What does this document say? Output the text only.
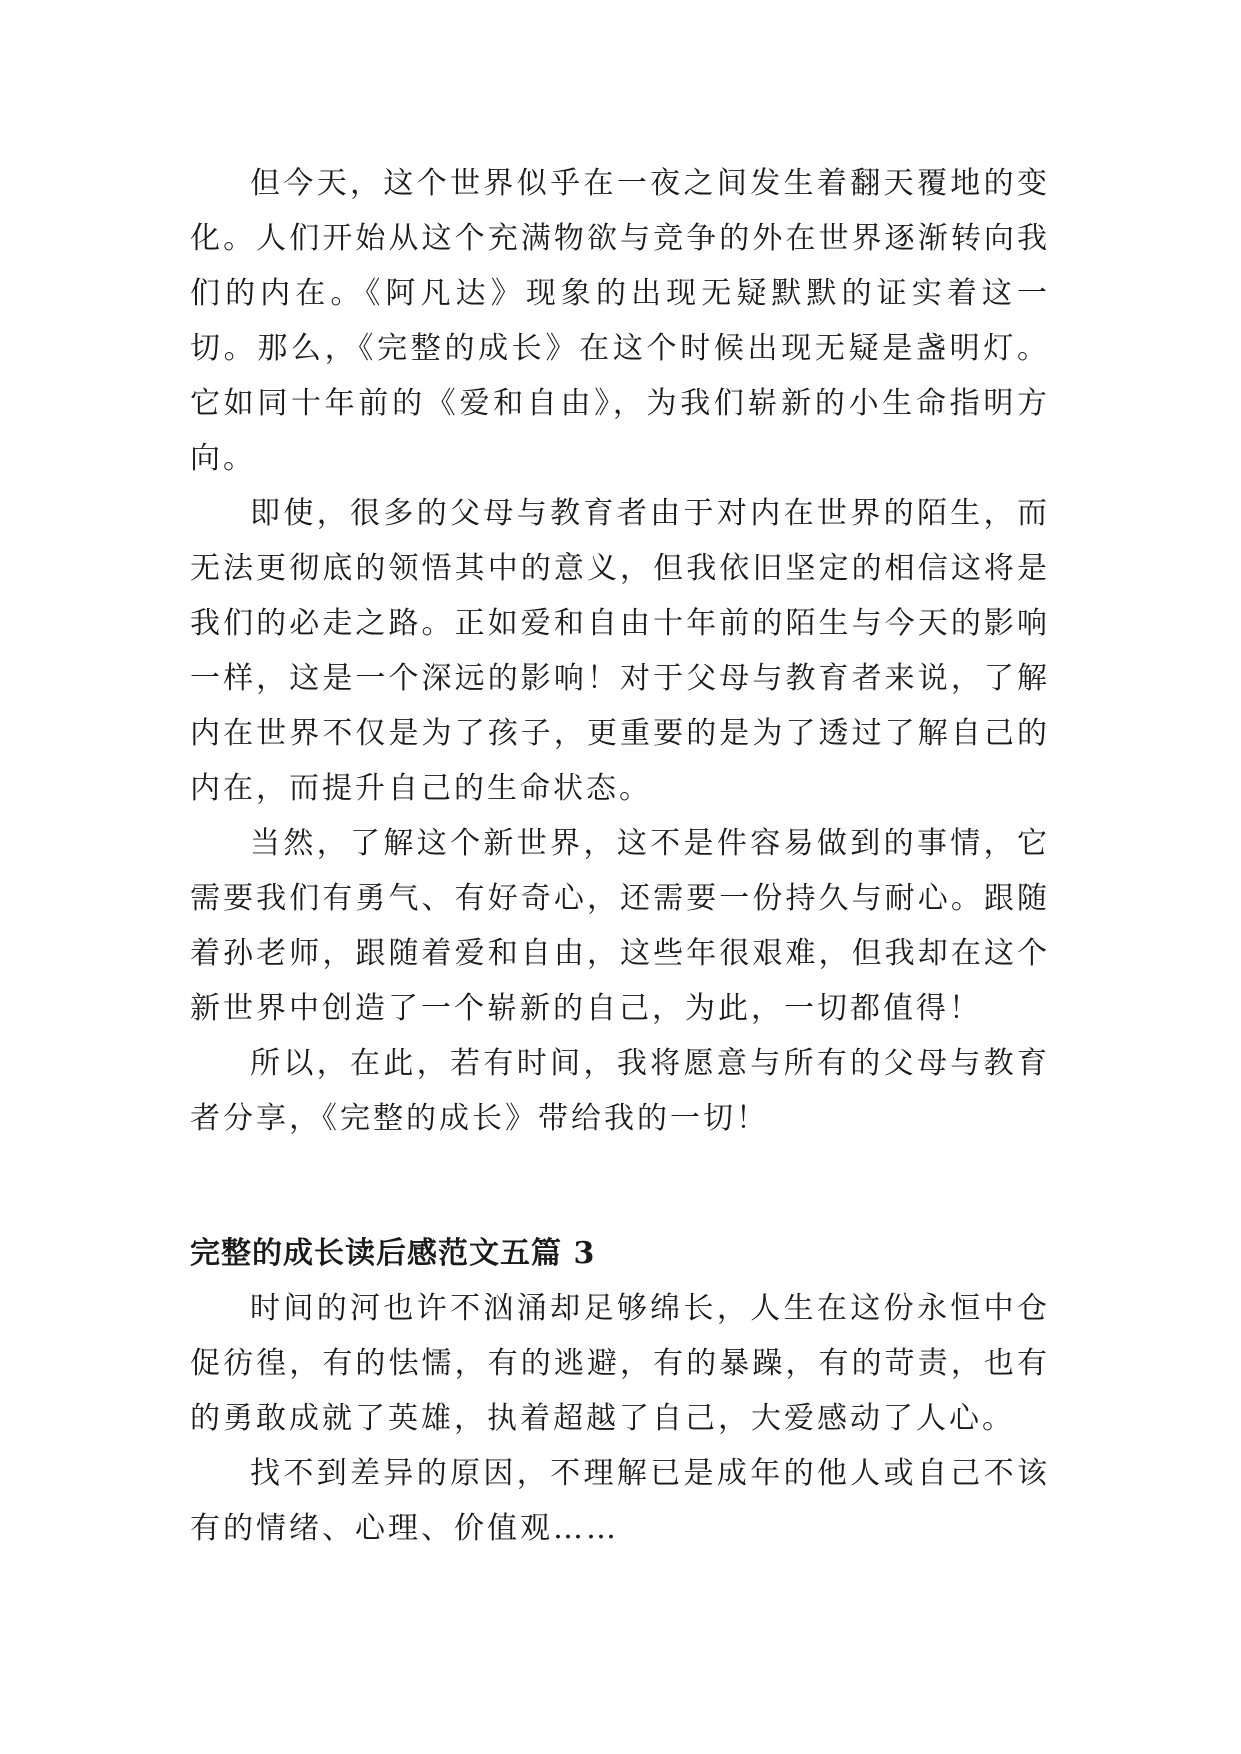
但今天，这个世界似乎在一夜之间发生着翻天覆地的变化。人们开始从这个充满物欲与竞争的外在世界逐渐转向我们的内在。《阿凡达》现象的出现无疑默默的证实着这一切。那么，《完整的成长》在这个时候出现无疑是盏明灯。它如同十年前的《爱和自由》，为我们崭新的小生命指明方向。

即使，很多的父母与教育者由于对内在世界的陌生，而无法更彻底的领悟其中的意义，但我依旧坚定的相信这将是我们的必走之路。正如爱和自由十年前的陌生与今天的影响一样，这是一个深远的影响！对于父母与教育者来说，了解内在世界不仅是为了孩子，更重要的是为了透过了解自己的内在，而提升自己的生命状态。

当然，了解这个新世界，这不是件容易做到的事情，它需要我们有勇气、有好奇心，还需要一份持久与耐心。跟随着孙老师，跟随着爱和自由，这些年很艰难，但我却在这个新世界中创造了一个崭新的自己，为此，一切都值得！

所以，在此，若有时间，我将愿意与所有的父母与教育者分享，《完整的成长》带给我的一切！

完整的成长读后感范文五篇 3

时间的河也许不汹涌却足够绵长，人生在这份永恒中仓促彷徨，有的怯懦，有的逃避，有的暴躁，有的苛责，也有的勇敢成就了英雄，执着超越了自己，大爱感动了人心。

找不到差异的原因，不理解已是成年的他人或自己不该有的情绪、心理、价值观……
